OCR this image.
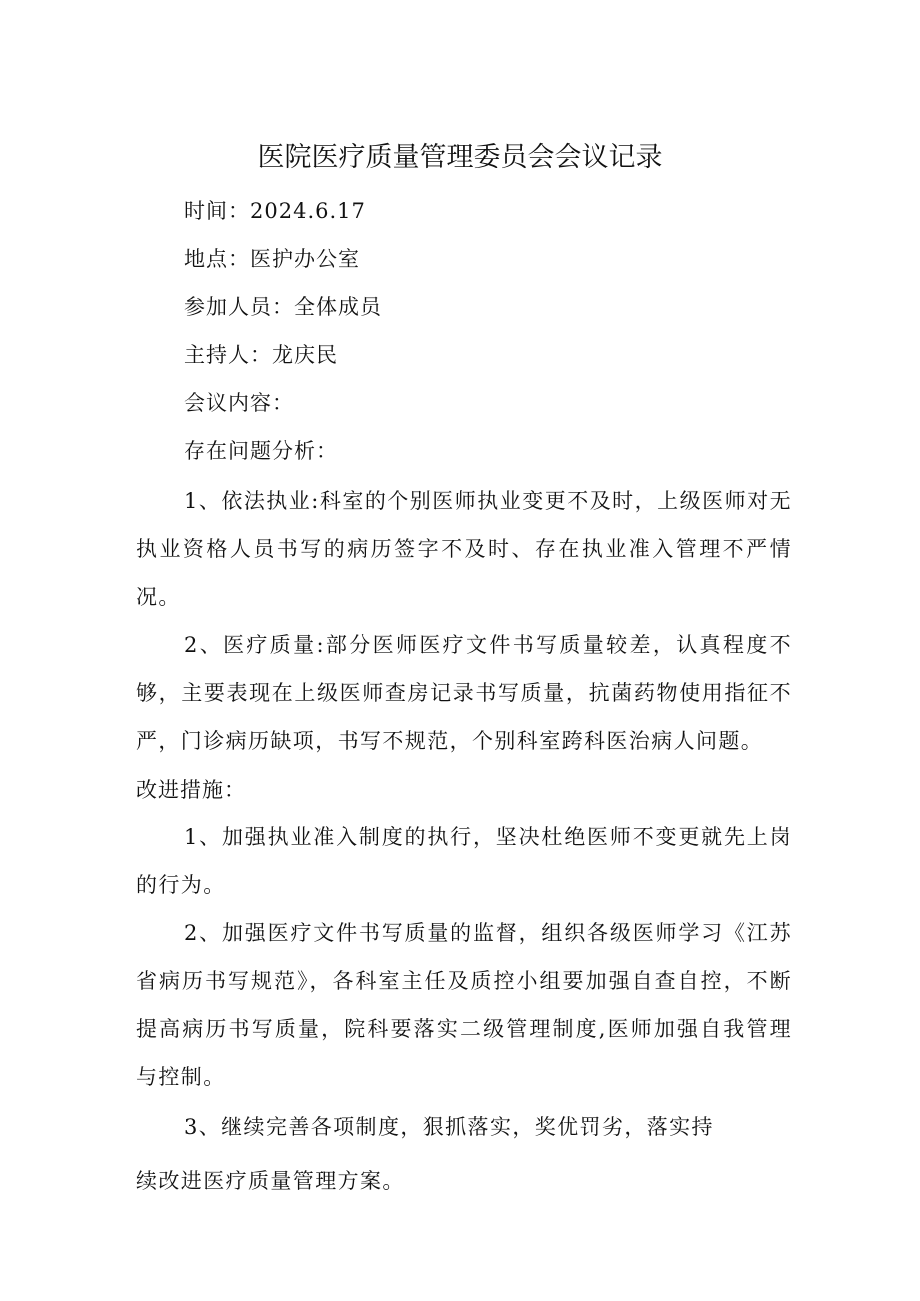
医院医疗质量管理委员会会议记录

时间：2024.6.17

地点：医护办公室

参加人员：全体成员

主持人：龙庆民

会议内容：

存在问题分析：

1、依法执业:科室的个别医师执业变更不及时，上级医师对无执业资格人员书写的病历签字不及时、存在执业准入管理不严情况。

2、医疗质量:部分医师医疗文件书写质量较差，认真程度不够，主要表现在上级医师查房记录书写质量，抗菌药物使用指征不严，门诊病历缺项，书写不规范，个别科室跨科医治病人问题。

改进措施：

1、加强执业准入制度的执行，坚决杜绝医师不变更就先上岗的行为。

2、加强医疗文件书写质量的监督，组织各级医师学习《江苏省病历书写规范》，各科室主任及质控小组要加强自查自控，不断提高病历书写质量，院科要落实二级管理制度,医师加强自我管理与控制。

3、继续完善各项制度，狠抓落实，奖优罚劣，落实持

续改进医疗质量管理方案。
